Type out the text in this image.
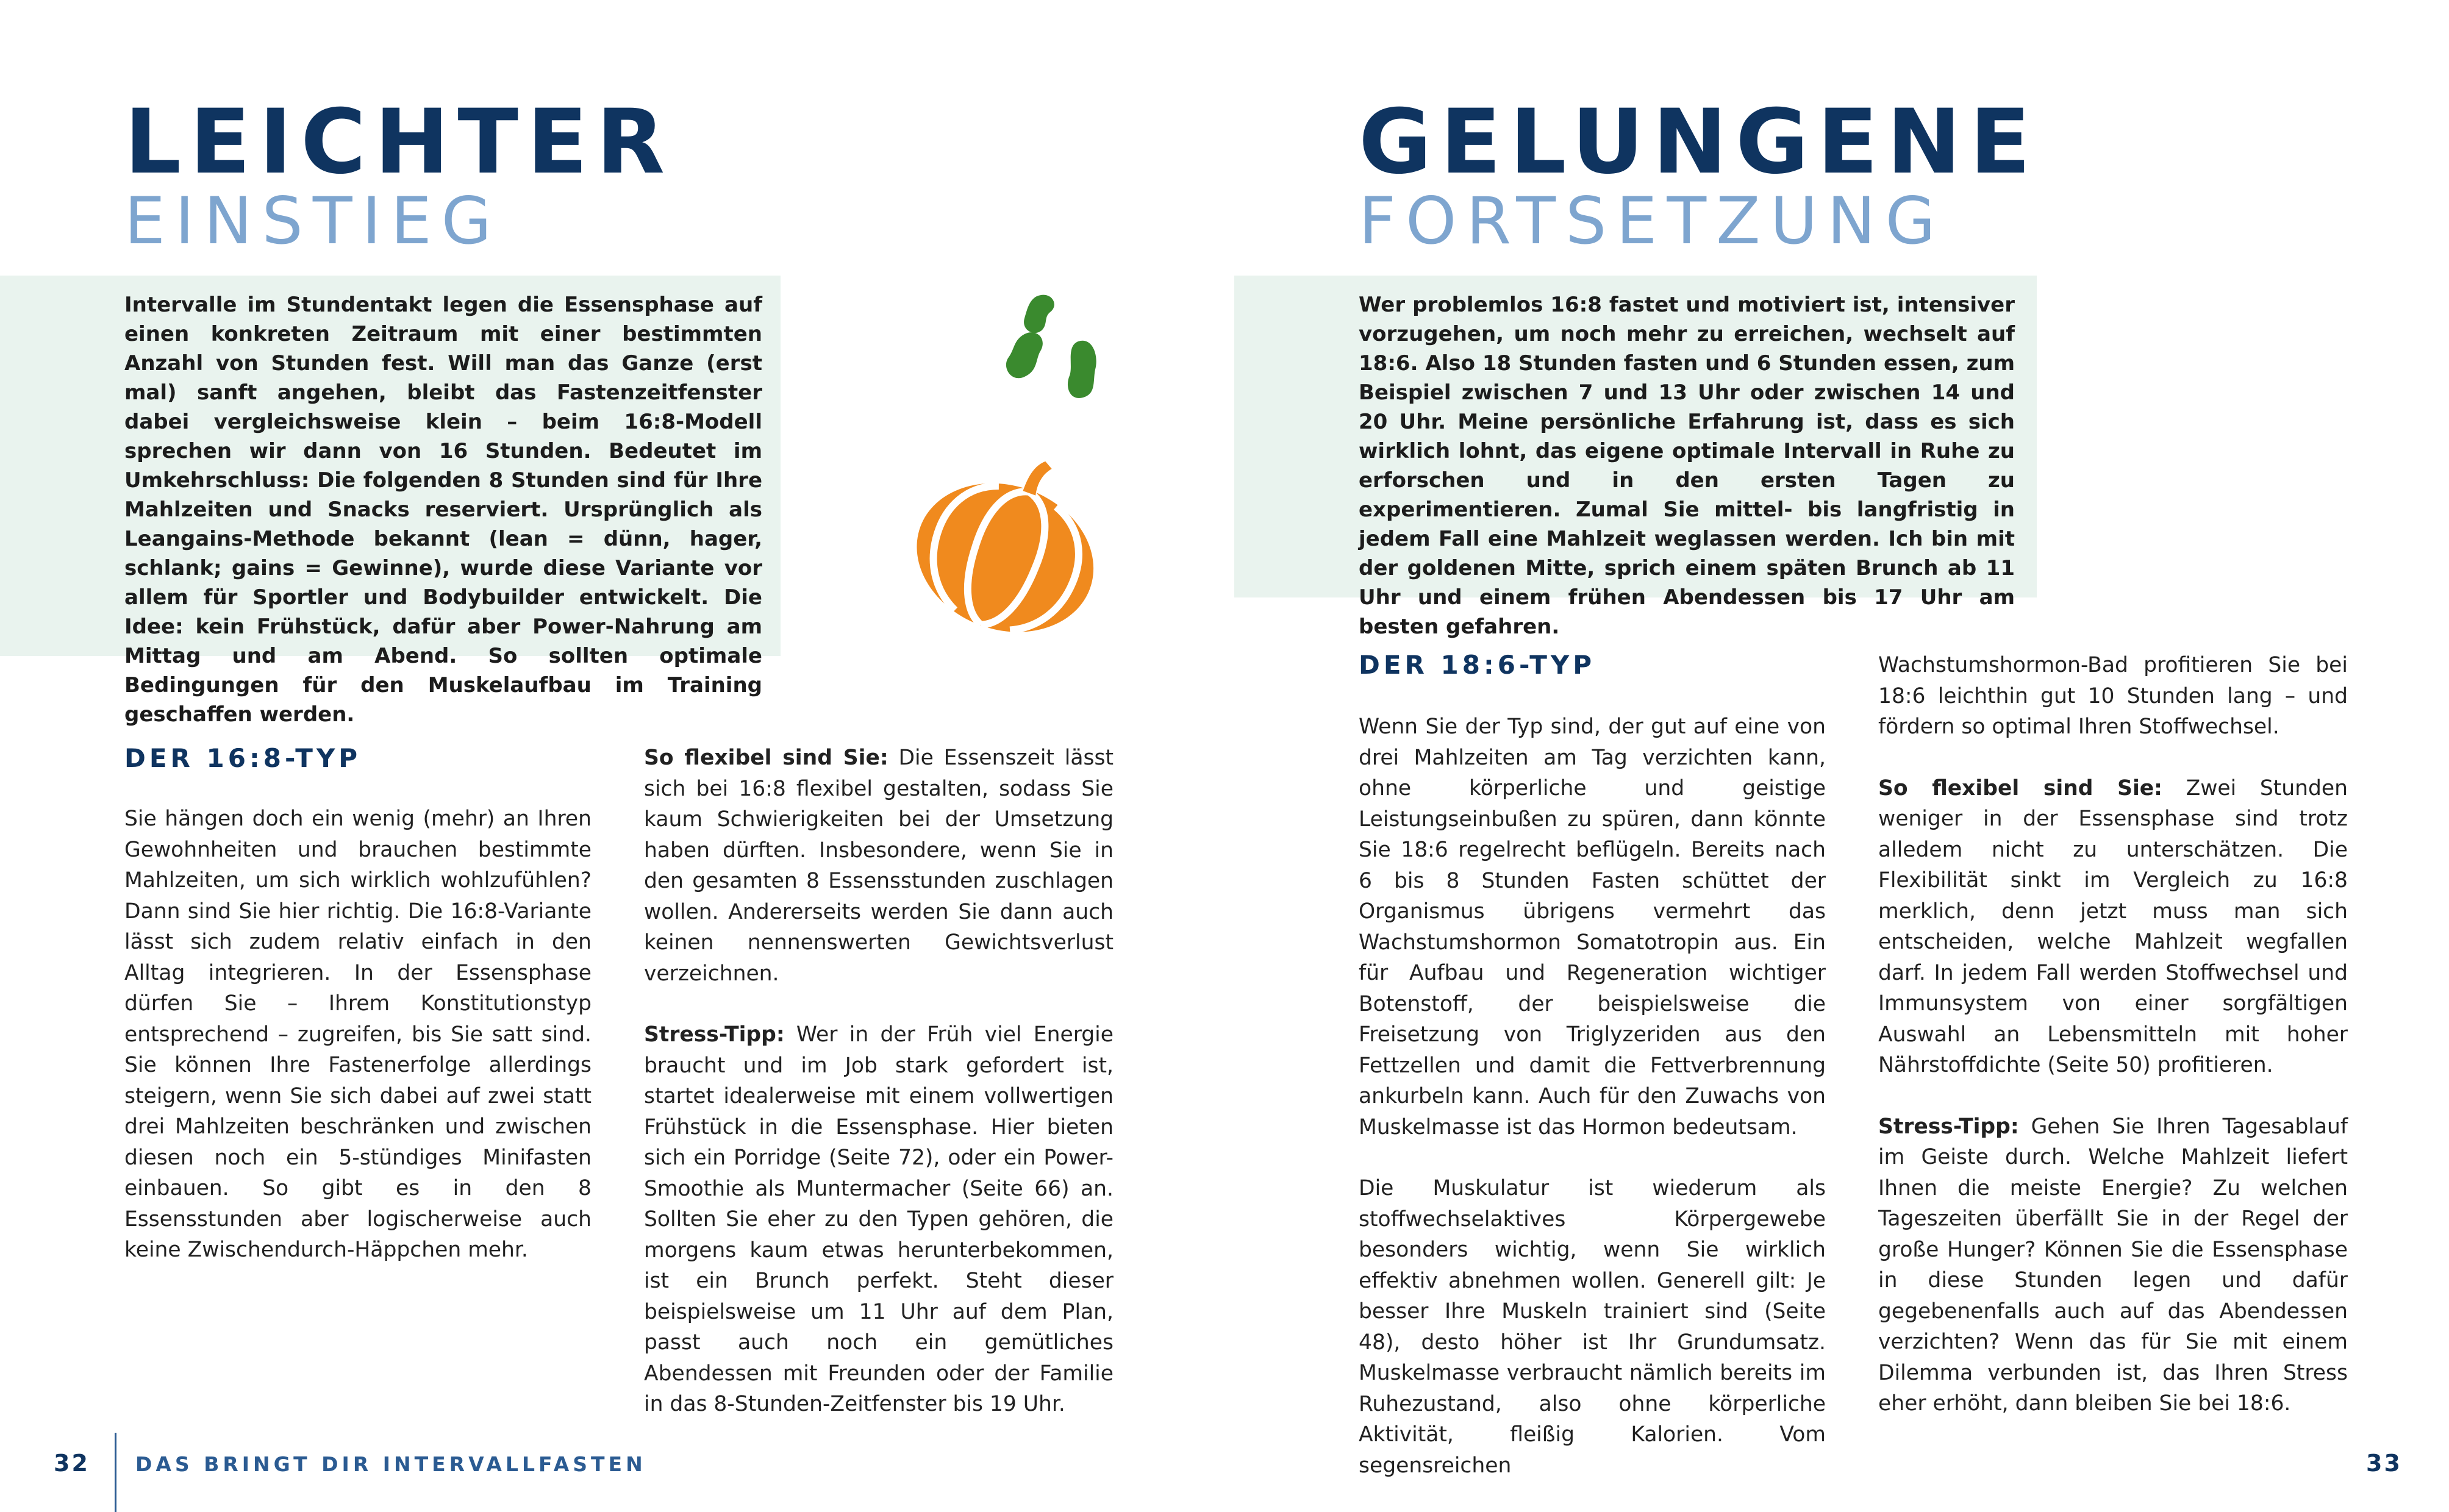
LEICHTER
EINSTIEG
Intervalle im Stundentakt legen die Essensphase auf einen konkreten Zeitraum mit einer bestimmten Anzahl von Stunden fest. Will man das Ganze (erst mal) sanft angehen, bleibt das Fastenzeitfenster dabei vergleichsweise klein – beim 16:8-Modell sprechen wir dann von 16 Stunden. Bedeutet im Umkehrschluss: Die folgenden 8 Stunden sind für Ihre Mahlzeiten und Snacks reserviert. Ursprünglich als Leangains-Methode bekannt (lean = dünn, hager, schlank; gains = Gewinne), wurde diese Variante vor allem für Sportler und Bodybuilder entwickelt. Die Idee: kein Frühstück, dafür aber Power-Nahrung am Mittag und am Abend. So sollten optimale Bedingungen für den Muskelaufbau im Training geschaffen werden.
DER 16:8-TYP

Sie hängen doch ein wenig (mehr) an Ihren Gewohnheiten und brauchen bestimmte Mahlzeiten, um sich wirklich wohlzufühlen? Dann sind Sie hier richtig. Die 16:8-Variante lässt sich zudem relativ einfach in den Alltag integrieren. In der Essensphase dürfen Sie – Ihrem Konstitutionstyp entsprechend – zugreifen, bis Sie satt sind. Sie können Ihre Fastenerfolge allerdings steigern, wenn Sie sich dabei auf zwei statt drei Mahlzeiten beschränken und zwischen diesen noch ein 5-stündiges Minifasten einbauen. So gibt es in den 8 Essensstunden aber logischerweise auch keine Zwischendurch-Häppchen mehr.

So flexibel sind Sie: Die Essenszeit lässt sich bei 16:8 flexibel gestalten, sodass Sie kaum Schwierigkeiten bei der Umsetzung haben dürften. Insbesondere, wenn Sie in den gesamten 8 Essensstunden zuschlagen wollen. Andererseits werden Sie dann auch keinen nennenswerten Gewichtsverlust verzeichnen.

Stress-Tipp: Wer in der Früh viel Energie braucht und im Job stark gefordert ist, startet idealerweise mit einem vollwertigen Frühstück in die Essensphase. Hier bieten sich ein Porridge (Seite 72), oder ein Power-Smoothie als Muntermacher (Seite 66) an. Sollten Sie eher zu den Typen gehören, die morgens kaum etwas herunterbekommen, ist ein Brunch perfekt. Steht dieser beispielsweise um 11 Uhr auf dem Plan, passt auch noch ein gemütliches Abendessen mit Freunden oder der Familie in das 8-Stunden-Zeitfenster bis 19 Uhr.

GELUNGENE
FORTSETZUNG
Wer problemlos 16:8 fastet und motiviert ist, intensiver vorzugehen, um noch mehr zu erreichen, wechselt auf 18:6. Also 18 Stunden fasten und 6 Stunden essen, zum Beispiel zwischen 7 und 13 Uhr oder zwischen 14 und 20 Uhr. Meine persönliche Erfahrung ist, dass es sich wirklich lohnt, das eigene optimale Intervall in Ruhe zu erforschen und in den ersten Tagen zu experimentieren. Zumal Sie mittel- bis langfristig in jedem Fall eine Mahlzeit weglassen werden. Ich bin mit der goldenen Mitte, sprich einem späten Brunch ab 11 Uhr und einem frühen Abendessen bis 17 Uhr am besten gefahren.
DER 18:6-TYP

Wenn Sie der Typ sind, der gut auf eine von drei Mahlzeiten am Tag verzichten kann, ohne körperliche und geistige Leistungseinbußen zu spüren, dann könnte Sie 18:6 regelrecht beflügeln. Bereits nach 6 bis 8 Stunden Fasten schüttet der Organismus übrigens vermehrt das Wachstumshormon Somatotropin aus. Ein für Aufbau und Regeneration wichtiger Botenstoff, der beispielsweise die Freisetzung von Triglyzeriden aus den Fettzellen und damit die Fettverbrennung ankurbeln kann. Auch für den Zuwachs von Muskelmasse ist das Hormon bedeutsam.

Die Muskulatur ist wiederum als stoffwechselaktives Körpergewebe besonders wichtig, wenn Sie wirklich effektiv abnehmen wollen. Generell gilt: Je besser Ihre Muskeln trainiert sind (Seite 48), desto höher ist Ihr Grundumsatz. Muskelmasse verbraucht nämlich bereits im Ruhezustand, also ohne körperliche Aktivität, fleißig Kalorien. Vom segensreichen

Wachstumshormon-Bad profitieren Sie bei 18:6 leichthin gut 10 Stunden lang – und fördern so optimal Ihren Stoffwechsel.

So flexibel sind Sie: Zwei Stunden weniger in der Essensphase sind trotz alledem nicht zu unterschätzen. Die Flexibilität sinkt im Vergleich zu 16:8 merklich, denn jetzt muss man sich entscheiden, welche Mahlzeit wegfallen darf. In jedem Fall werden Stoffwechsel und Immunsystem von einer sorgfältigen Auswahl an Lebensmitteln mit hoher Nährstoffdichte (Seite 50) profitieren.

Stress-Tipp: Gehen Sie Ihren Tagesablauf im Geiste durch. Welche Mahlzeit liefert Ihnen die meiste Energie? Zu welchen Tageszeiten überfällt Sie in der Regel der große Hunger? Können Sie die Essensphase in diese Stunden legen und dafür gegebenenfalls auch auf das Abendessen verzichten? Wenn das für Sie mit einem Dilemma verbunden ist, das Ihren Stress eher erhöht, dann bleiben Sie bei 18:6.

32 DAS BRINGT DIR INTERVALLFASTEN	33
